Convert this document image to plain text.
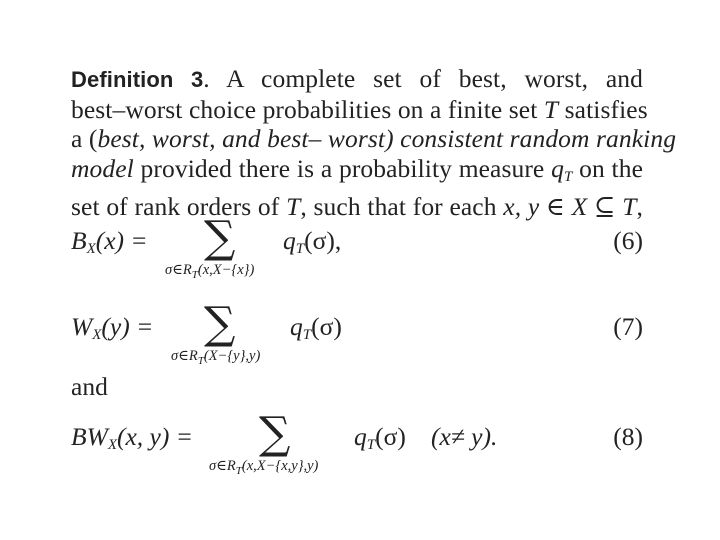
Definition 3. A complete set of best, worst, and
best–worst choice probabilities on a finite set T satisfies
a (best, worst, and best– worst) consistent random ranking
model provided there is a probability measure $q_T$ on the
set of rank orders of T, such that for each x, y ∈ X ⊆ T,
$B_X(x)$ = ∑
$\sigma\in R_T(x,X-\{x\})$
$q_T(\sigma)$,	(6)
$W_X(y)$ = ∑
$\sigma\in R_T(X-\{y\},y)$
$q_T(\sigma)$	(7)
and
$BW_X(x$, y) = ∑
$\sigma\in R_T(x,X-\{x,y\},y)$
$q_T(\sigma)$ (x≠ y).	(8)
